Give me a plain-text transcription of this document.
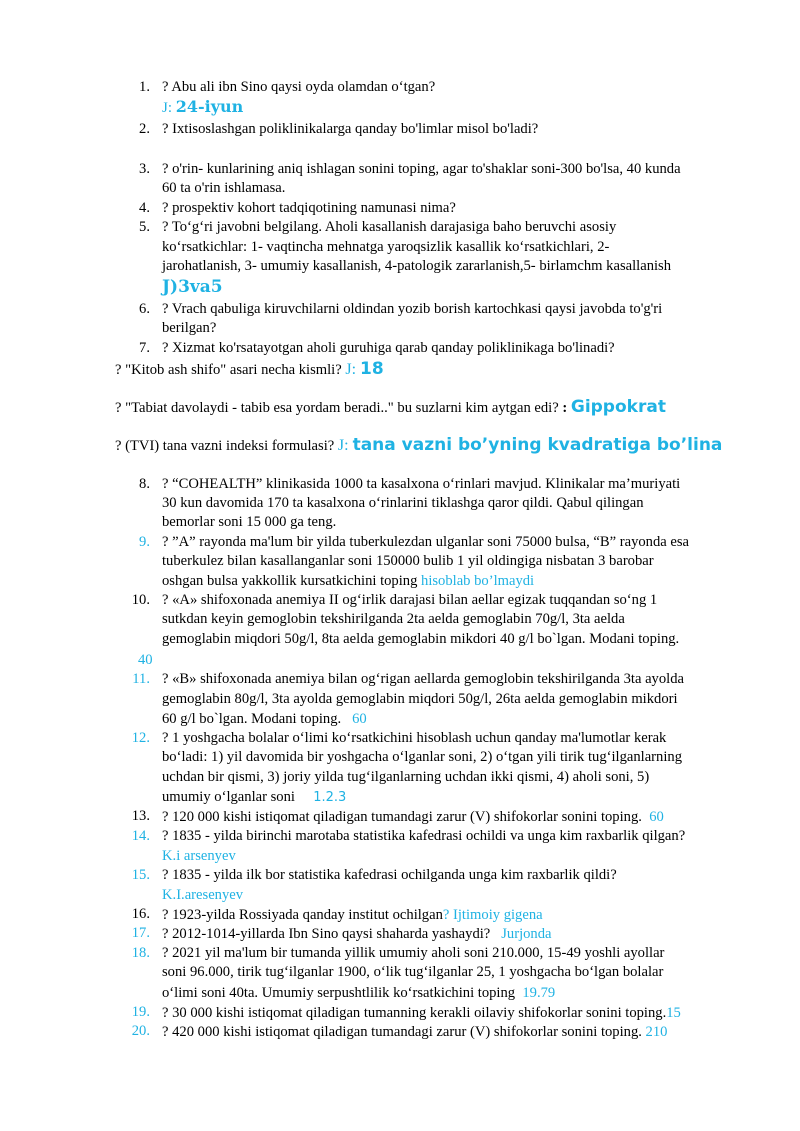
1. ? Abu ali ibn Sino qaysi oyda olamdan o‘tgan?
J: 24-iyun
2. ? Ixtisoslashgan poliklinikalarga qanday bo'limlar misol bo'ladi?
3. ? o'rin- kunlarining aniq ishlagan sonini toping, agar to'shaklar soni-300 bo'lsa, 40 kunda
60 ta o'rin ishlamasa.
4. ? prospektiv kohort tadqiqotining namunasi nima?
5. ? To‘g‘ri javobni belgilang. Aholi kasallanish darajasiga baho beruvchi asosiy
ko‘rsatkichlar: 1- vaqtincha mehnatga yaroqsizlik kasallik ko‘rsatkichlari, 2-
jarohatlanish, 3- umumiy kasallanish, 4-patologik zararlanish,5- birlamchm kasallanish
J)3va5
6. ? Vrach qabuliga kiruvchilarni oldindan yozib borish kartochkasi qaysi javobda to'g'ri
berilgan?
7. ? Xizmat ko'rsatayotgan aholi guruhiga qarab qanday poliklinikaga bo'linadi?
? "Kitob ash shifo" asari necha kismli? J: 18
? "Tabiat davolaydi - tabib esa yordam beradi.." bu suzlarni kim aytgan edi? : Gippokrat
? (TVI) tana vazni indeksi formulasi? J: tana vazni bo’yning kvadratiga bo’lina
8. ? “COHEALTH” klinikasida 1000 ta kasalxona o‘rinlari mavjud. Klinikalar ma’muriyati
30 kun davomida 170 ta kasalxona o‘rinlarini tiklashga qaror qildi. Qabul qilingan
bemorlar soni 15 000 ga teng.
9. ? ”A” rayonda ma'lum bir yilda tuberkulezdan ulganlar soni 75000 bulsa, “B” rayonda esa
tuberkulez bilan kasallanganlar soni 150000 bulib 1 yil oldingiga nisbatan 3 barobar
oshgan bulsa yakkollik kursatkichini toping hisoblab bo’lmaydi
10. ? «A» shifoxonada anemiya II og‘irlik darajasi bilan aellar egizak tuqqandan so‘ng 1
sutkdan keyin gemoglobin tekshirilganda 2ta aelda gemoglabin 70g/l, 3ta aelda
gemoglabin miqdori 50g/l, 8ta aelda gemoglabin mikdori 40 g/l bo`lgan. Modani toping.
40
11. ? «B» shifoxonada anemiya bilan og‘rigan aellarda gemoglobin tekshirilganda 3ta ayolda
gemoglabin 80g/l, 3ta ayolda gemoglabin miqdori 50g/l, 26ta aelda gemoglabin mikdori
60 g/l bo`lgan. Modani toping.   60
12. ? 1 yoshgacha bolalar o‘limi ko‘rsatkichini hisoblash uchun qanday ma'lumotlar kerak
bo‘ladi: 1) yil davomida bir yoshgacha o‘lganlar soni, 2) o‘tgan yili tirik tug‘ilganlarning
uchdan bir qismi, 3) joriy yilda tug‘ilganlarning uchdan ikki qismi, 4) aholi soni, 5)
umumiy o‘lganlar soni     1.2.3
13. ? 120 000 kishi istiqomat qiladigan tumandagi zarur (V) shifokorlar sonini toping.  60
14. ? 1835 - yilda birinchi marotaba statistika kafedrasi ochildi va unga kim raxbarlik qilgan?
K.i arsenyev
15. ? 1835 - yilda ilk bor statistika kafedrasi ochilganda unga kim raxbarlik qildi?
K.I.aresenyev
16. ? 1923-yilda Rossiyada qanday institut ochilgan? Ijtimoiy gigena
17. ? 2012-1014-yillarda Ibn Sino qaysi shaharda yashaydi?   Jurjonda
18. ? 2021 yil ma'lum bir tumanda yillik umumiy aholi soni 210.000, 15-49 yoshli ayollar
soni 96.000, tirik tug‘ilganlar 1900, o‘lik tug‘ilganlar 25, 1 yoshgacha bo‘lgan bolalar
o‘limi soni 40ta. Umumiy serpushtlilik ko‘rsatkichini toping  19.79
19. ? 30 000 kishi istiqomat qiladigan tumanning kerakli oilaviy shifokorlar sonini toping.15
20. ? 420 000 kishi istiqomat qiladigan tumandagi zarur (V) shifokorlar sonini toping. 210
